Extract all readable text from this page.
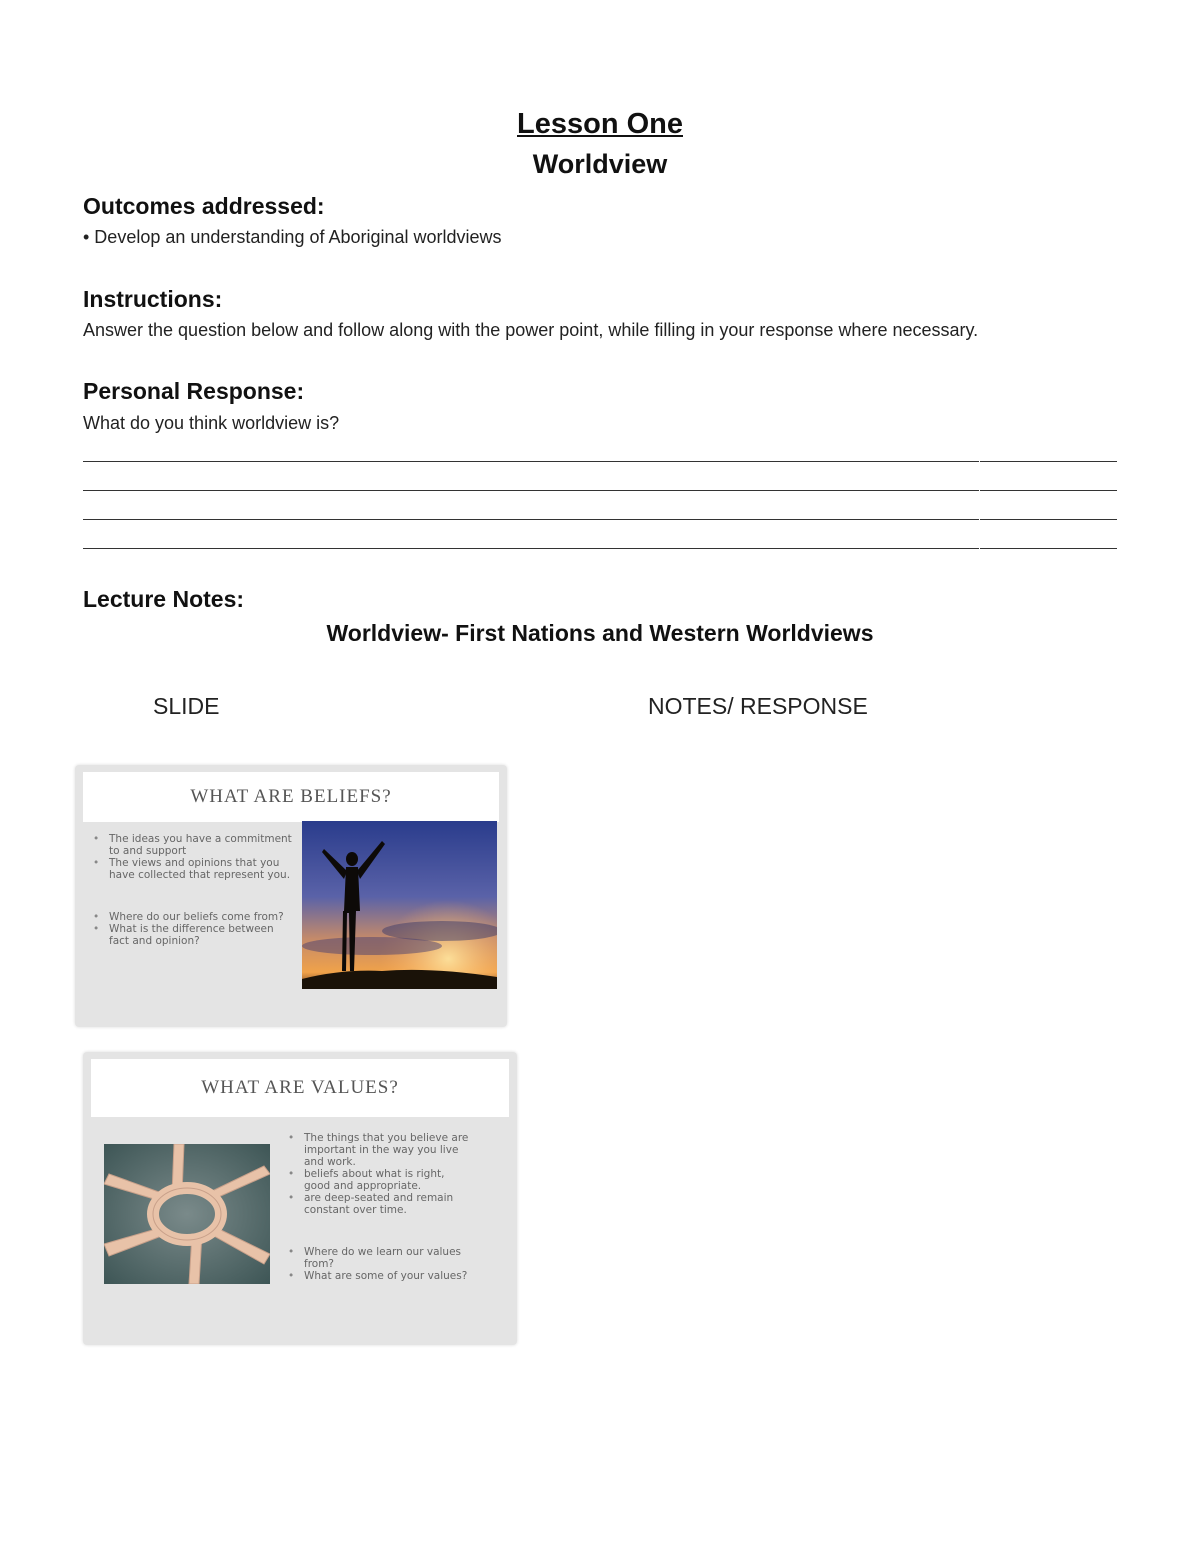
Lesson One
Worldview
Outcomes addressed:
• Develop an understanding of Aboriginal worldviews
Instructions:
Answer the question below and follow along with the power point, while filling in your response where necessary.
Personal Response:
What do you think worldview is?
Lecture Notes:
Worldview- First Nations and Western Worldviews
SLIDE	NOTES/ RESPONSE
WHAT ARE BELIEFS?
• The ideas you have a commitment to and support
• The views and opinions that you have collected that represent you.
• Where do our beliefs come from?
• What is the difference between fact and opinion?
WHAT ARE VALUES?
• The things that you believe are important in the way you live and work.
• beliefs about what is right, good and appropriate.
• are deep-seated and remain constant over time.
• Where do we learn our values from?
• What are some of your values?
